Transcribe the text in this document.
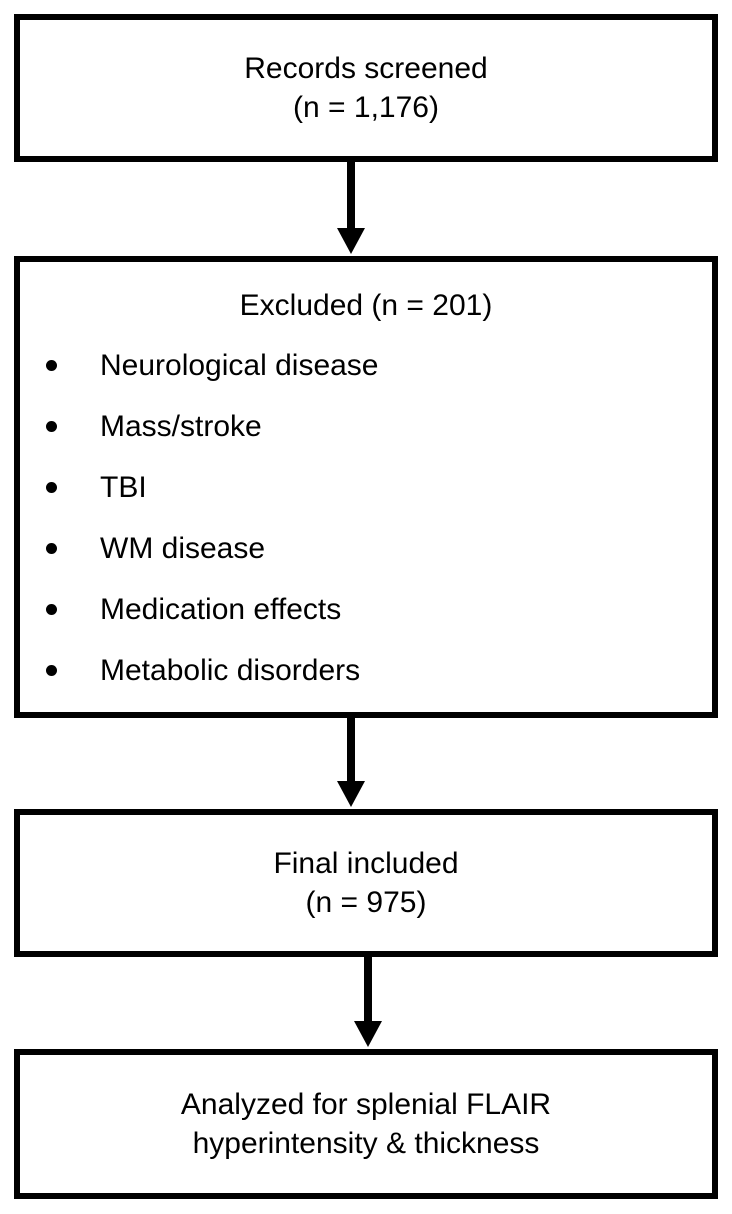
Records screened
(n = 1,176)
Excluded (n = 201)
Neurological disease
Mass/stroke
TBI
WM disease
Medication effects
Metabolic disorders
Final included
(n = 975)
Analyzed for splenial FLAIR
hyperintensity & thickness
